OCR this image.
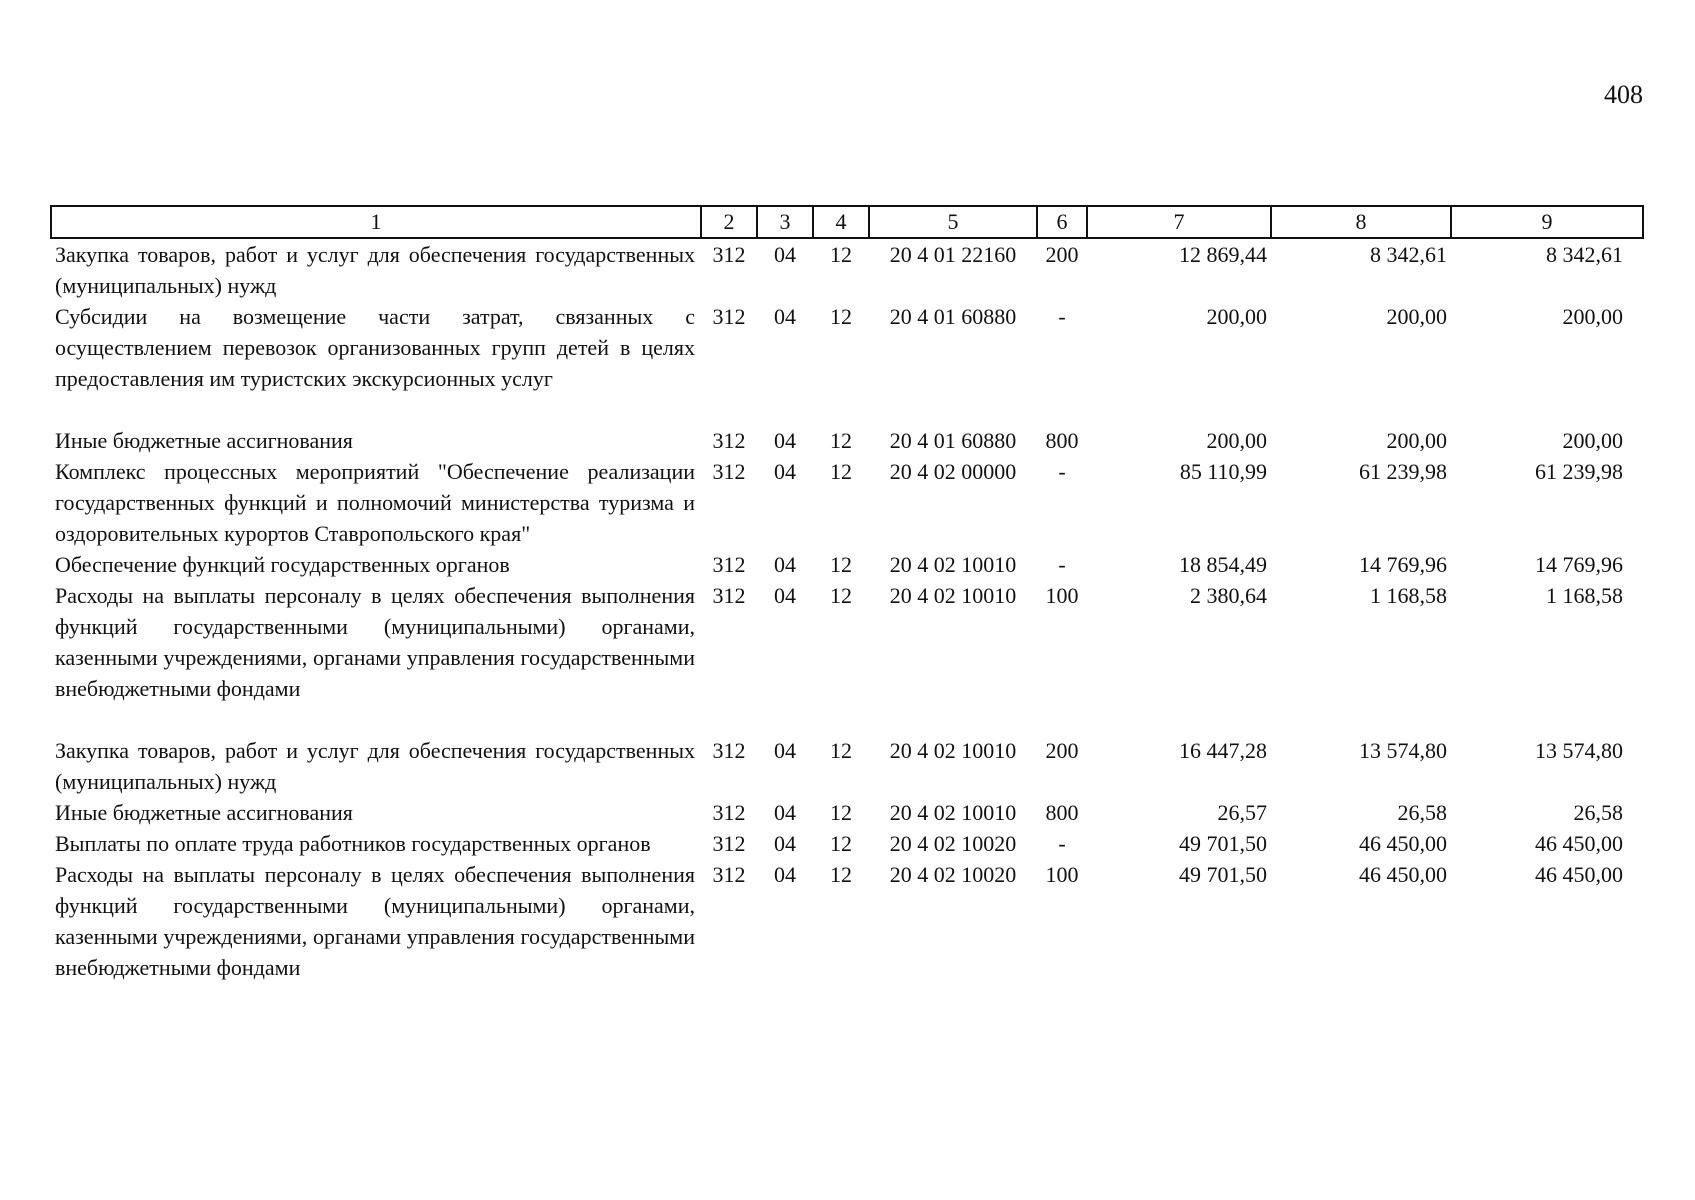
408
1	2	3	4	5	6	7	8	9
Закупка товаров, работ и услуг для обеспечения государственных (муниципальных) нужд	312	04	12	20 4 01 22160	200	12 869,44	8 342,61	8 342,61
Субсидии на возмещение части затрат, связанных с осуществлением перевозок организованных групп детей в целях предоставления им туристских экскурсионных услуг	312	04	12	20 4 01 60880	-	200,00	200,00	200,00
Иные бюджетные ассигнования	312	04	12	20 4 01 60880	800	200,00	200,00	200,00
Комплекс процессных мероприятий "Обеспечение реализации государственных функций и полномочий министерства туризма и оздоровительных курортов Ставропольского края"	312	04	12	20 4 02 00000	-	85 110,99	61 239,98	61 239,98
Обеспечение функций государственных органов	312	04	12	20 4 02 10010	-	18 854,49	14 769,96	14 769,96
Расходы на выплаты персоналу в целях обеспечения выполнения функций государственными (муниципальными) органами, казенными учреждениями, органами управления государственными внебюджетными фондами	312	04	12	20 4 02 10010	100	2 380,64	1 168,58	1 168,58
Закупка товаров, работ и услуг для обеспечения государственных (муниципальных) нужд	312	04	12	20 4 02 10010	200	16 447,28	13 574,80	13 574,80
Иные бюджетные ассигнования	312	04	12	20 4 02 10010	800	26,57	26,58	26,58
Выплаты по оплате труда работников государственных органов	312	04	12	20 4 02 10020	-	49 701,50	46 450,00	46 450,00
Расходы на выплаты персоналу в целях обеспечения выполнения функций государственными (муниципальными) органами, казенными учреждениями, органами управления государственными внебюджетными фондами	312	04	12	20 4 02 10020	100	49 701,50	46 450,00	46 450,00
